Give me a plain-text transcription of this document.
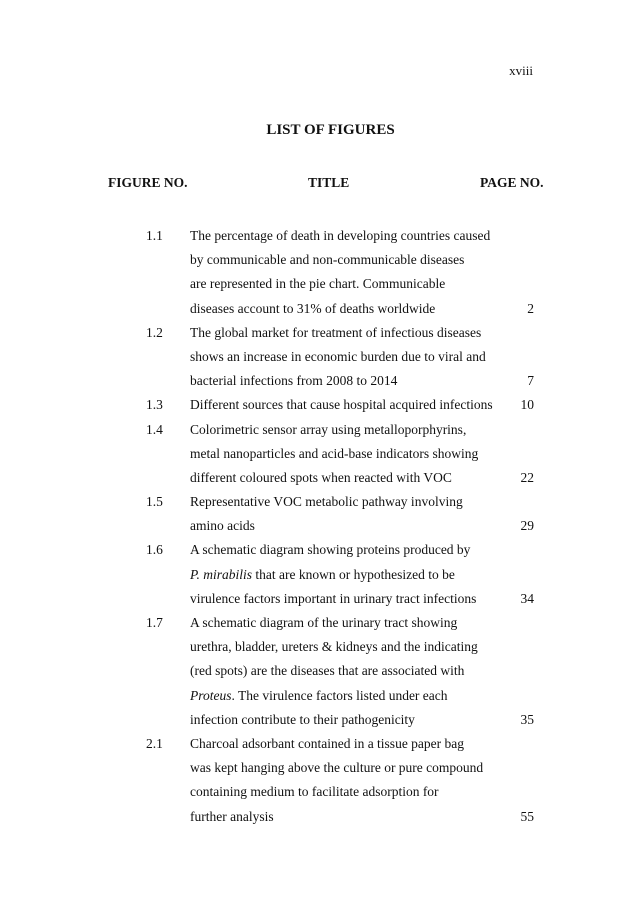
xviii
LIST OF FIGURES
FIGURE NO.	TITLE	PAGE NO.
1.1 The percentage of death in developing countries caused
by communicable and non-communicable diseases
are represented in the pie chart. Communicable
diseases account to 31% of deaths worldwide	2
1.2 The global market for treatment of infectious diseases
shows an increase in economic burden due to viral and
bacterial infections from 2008 to 2014	7
1.3 Different sources that cause hospital acquired infections 10
1.4 Colorimetric sensor array using metalloporphyrins,
metal nanoparticles and acid-base indicators showing
different coloured spots when reacted with VOC	22
1.5 Representative VOC metabolic pathway involving
amino acids	29
1.6 A schematic diagram showing proteins produced by
P. mirabilis that are known or hypothesized to be
virulence factors important in urinary tract infections	34
1.7 A schematic diagram of the urinary tract showing
urethra, bladder, ureters & kidneys and the indicating
(red spots) are the diseases that are associated with
Proteus. The virulence factors listed under each
infection contribute to their pathogenicity	35
2.1 Charcoal adsorbant contained in a tissue paper bag
was kept hanging above the culture or pure compound
containing medium to facilitate adsorption for
further analysis	55
